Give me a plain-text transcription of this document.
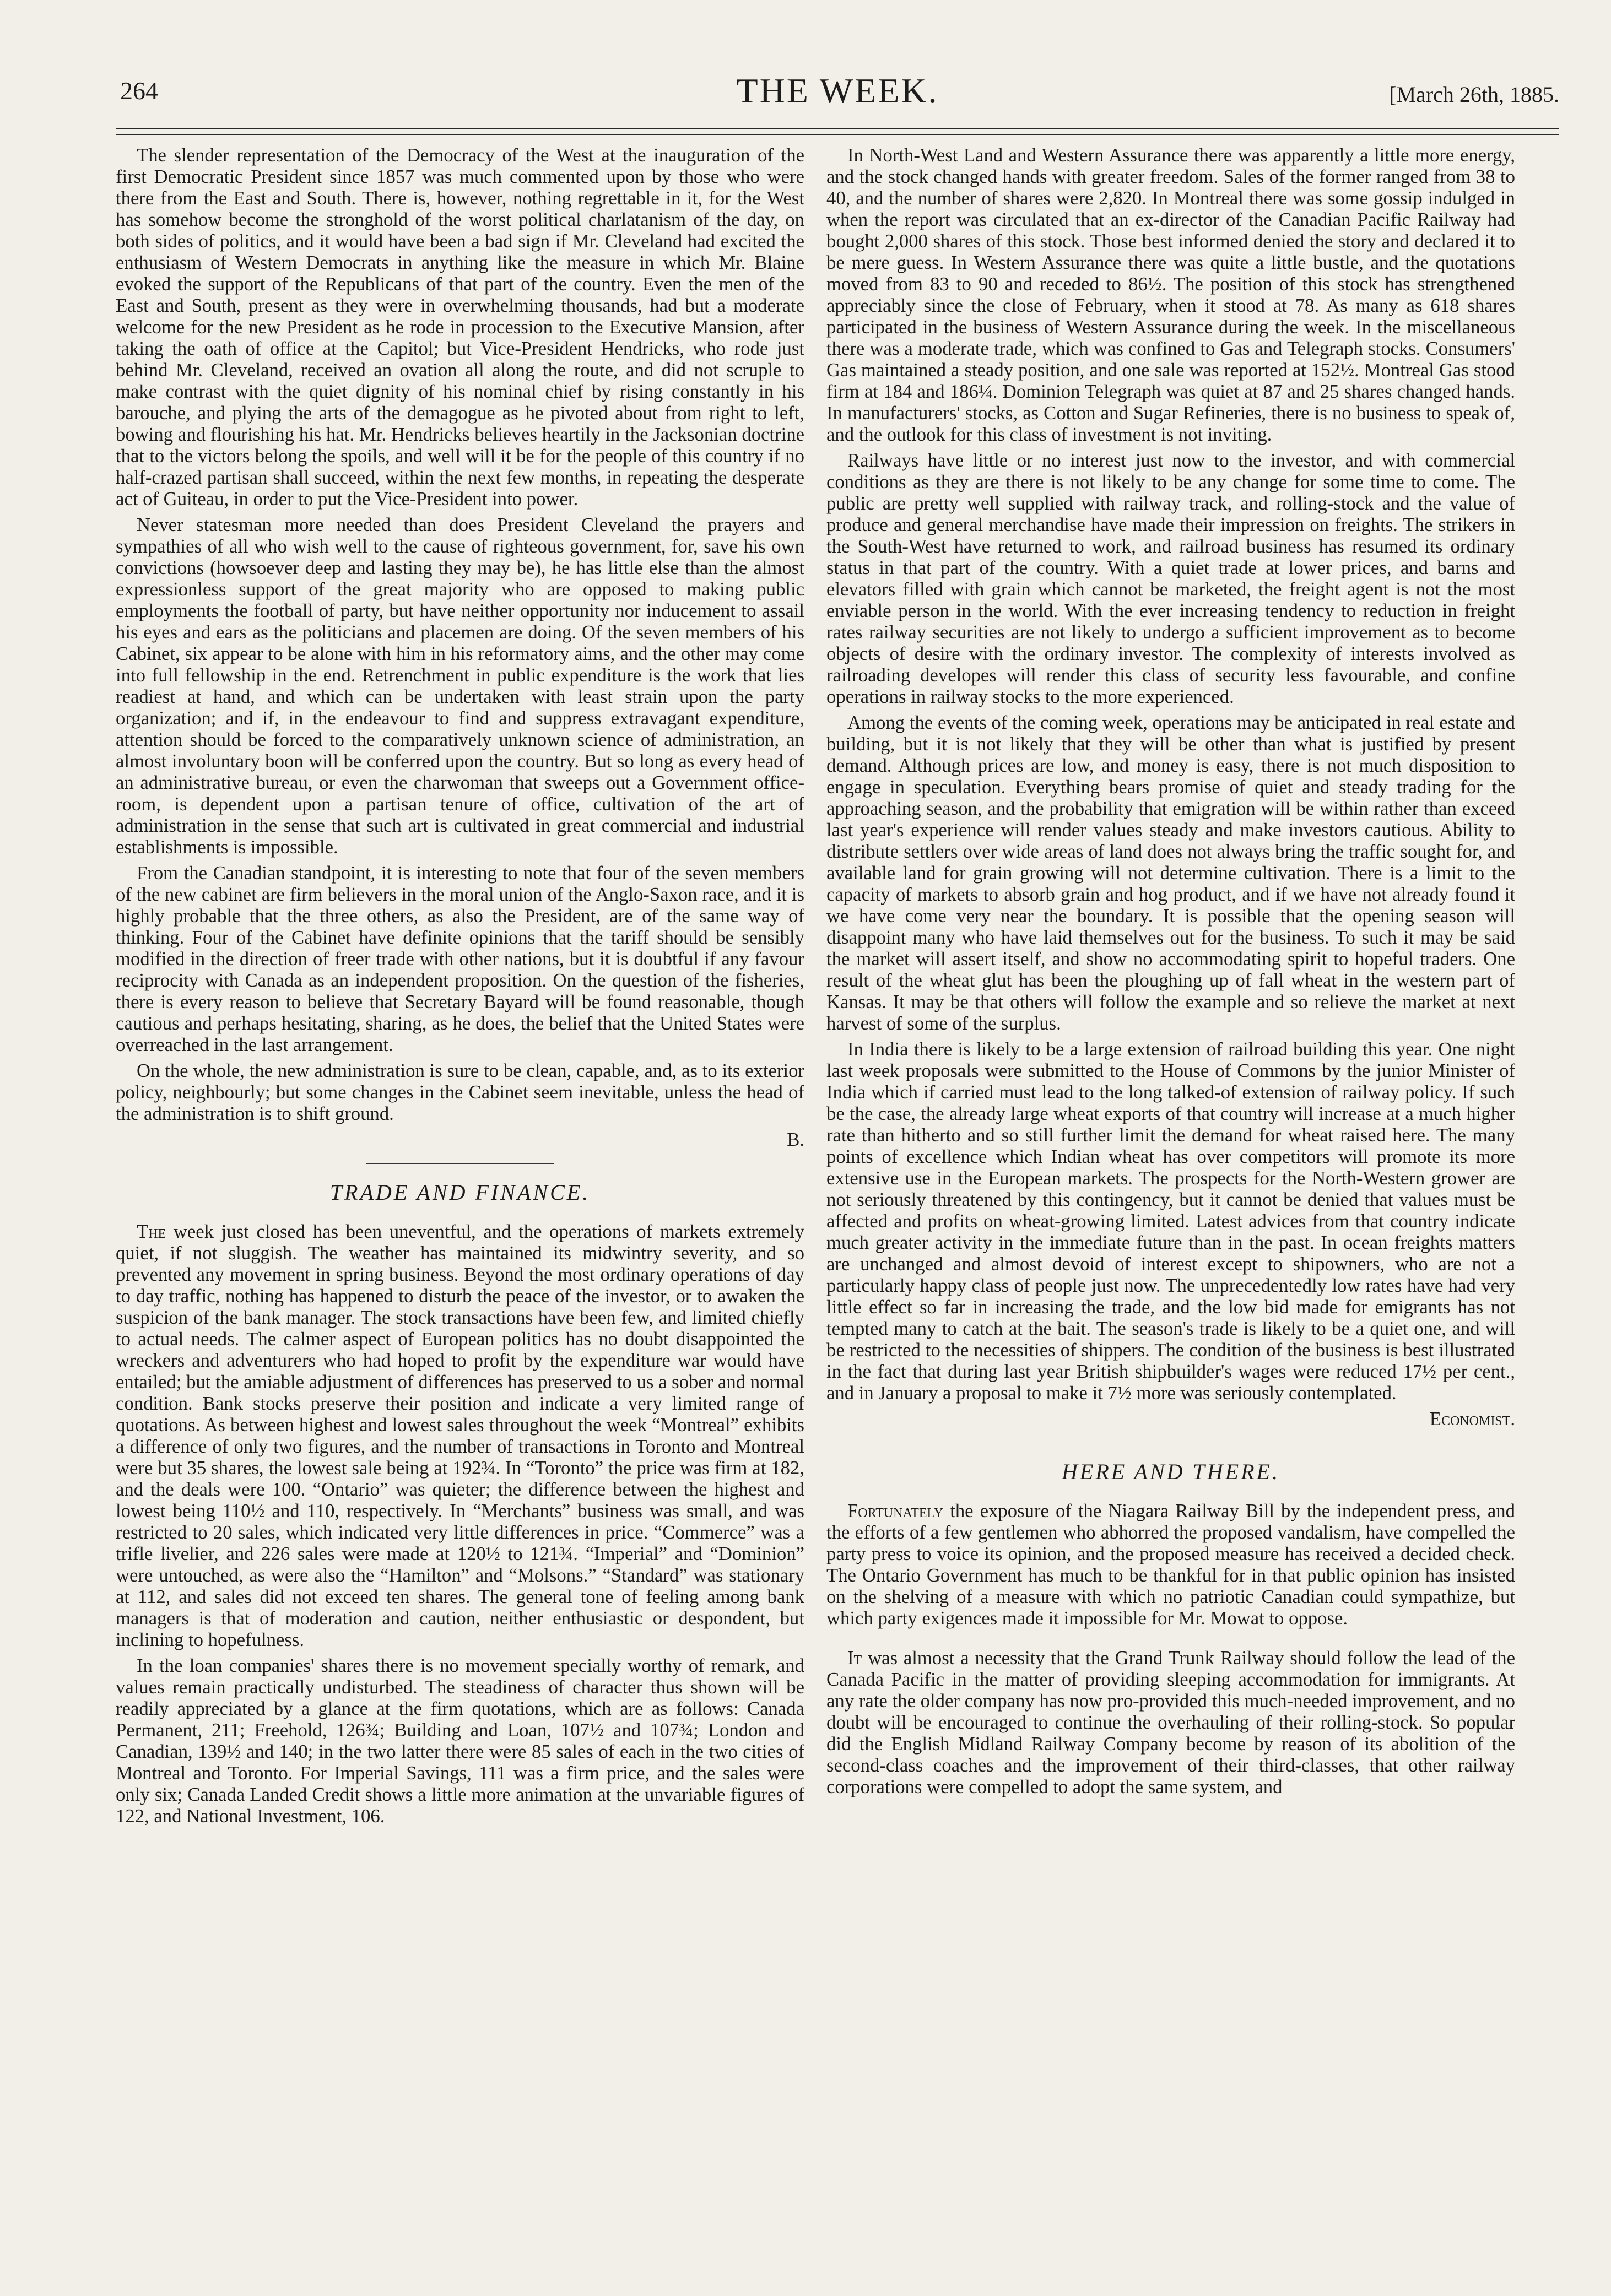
264	THE WEEK.	[March 26th, 1885.

The slender representation of the Democracy of the West at the inauguration of the first Democratic President since 1857 was much commented upon by those who were there from the East and South. There is, however, nothing regrettable in it, for the West has somehow become the stronghold of the worst political charlatanism of the day, on both sides of politics, and it would have been a bad sign if Mr. Cleveland had excited the enthusiasm of Western Democrats in anything like the measure in which Mr. Blaine evoked the support of the Republicans of that part of the country. Even the men of the East and South, present as they were in overwhelming thousands, had but a moderate welcome for the new President as he rode in procession to the Executive Mansion, after taking the oath of office at the Capitol; but Vice-President Hendricks, who rode just behind Mr. Cleveland, received an ovation all along the route, and did not scruple to make contrast with the quiet dignity of his nominal chief by rising constantly in his barouche, and plying the arts of the demagogue as he pivoted about from right to left, bowing and flourishing his hat. Mr. Hendricks believes heartily in the Jacksonian doctrine that to the victors belong the spoils, and well will it be for the people of this country if no half-crazed partisan shall succeed, within the next few months, in repeating the desperate act of Guiteau, in order to put the Vice-President into power.

Never statesman more needed than does President Cleveland the prayers and sympathies of all who wish well to the cause of righteous government, for, save his own convictions (howsoever deep and lasting they may be), he has little else than the almost expressionless support of the great majority who are opposed to making public employments the football of party, but have neither opportunity nor inducement to assail his eyes and ears as the politicians and placemen are doing. Of the seven members of his Cabinet, six appear to be alone with him in his reformatory aims, and the other may come into full fellowship in the end. Retrenchment in public expenditure is the work that lies readiest at hand, and which can be undertaken with least strain upon the party organization; and if, in the endeavour to find and suppress extravagant expenditure, attention should be forced to the comparatively unknown science of administration, an almost involuntary boon will be conferred upon the country. But so long as every head of an administrative bureau, or even the charwoman that sweeps out a Government office-room, is dependent upon a partisan tenure of office, cultivation of the art of administration in the sense that such art is cultivated in great commercial and industrial establishments is impossible.

From the Canadian standpoint, it is interesting to note that four of the seven members of the new cabinet are firm believers in the moral union of the Anglo-Saxon race, and it is highly probable that the three others, as also the President, are of the same way of thinking. Four of the Cabinet have definite opinions that the tariff should be sensibly modified in the direction of freer trade with other nations, but it is doubtful if any favour reciprocity with Canada as an independent proposition. On the question of the fisheries, there is every reason to believe that Secretary Bayard will be found reasonable, though cautious and perhaps hesitating, sharing, as he does, the belief that the United States were overreached in the last arrangement.

On the whole, the new administration is sure to be clean, capable, and, as to its exterior policy, neighbourly; but some changes in the Cabinet seem inevitable, unless the head of the administration is to shift ground.

B.

TRADE AND FINANCE.

The week just closed has been uneventful, and the operations of markets extremely quiet, if not sluggish. The weather has maintained its midwintry severity, and so prevented any movement in spring business. Beyond the most ordinary operations of day to day traffic, nothing has happened to disturb the peace of the investor, or to awaken the suspicion of the bank manager. The stock transactions have been few, and limited chiefly to actual needs. The calmer aspect of European politics has no doubt disappointed the wreckers and adventurers who had hoped to profit by the expenditure war would have entailed; but the amiable adjustment of differences has preserved to us a sober and normal condition. Bank stocks preserve their position and indicate a very limited range of quotations. As between highest and lowest sales throughout the week “Montreal” exhibits a difference of only two figures, and the number of transactions in Toronto and Montreal were but 35 shares, the lowest sale being at 192¾. In “Toronto” the price was firm at 182, and the deals were 100. “Ontario” was quieter; the difference between the highest and lowest being 110½ and 110, respectively. In “Merchants” business was small, and was restricted to 20 sales, which indicated very little differences in price. “Commerce” was a trifle livelier, and 226 sales were made at 120½ to 121¾. “Imperial” and “Dominion” were untouched, as were also the “Hamilton” and “Molsons.” “Standard” was stationary at 112, and sales did not exceed ten shares. The general tone of feeling among bank managers is that of moderation and caution, neither enthusiastic or despondent, but inclining to hopefulness.

In the loan companies' shares there is no movement specially worthy of remark, and values remain practically undisturbed. The steadiness of character thus shown will be readily appreciated by a glance at the firm quotations, which are as follows: Canada Permanent, 211; Freehold, 126¾; Building and Loan, 107½ and 107¾; London and Canadian, 139½ and 140; in the two latter there were 85 sales of each in the two cities of Montreal and Toronto. For Imperial Savings, 111 was a firm price, and the sales were only six; Canada Landed Credit shows a little more animation at the unvariable figures of 122, and National Investment, 106.

In North-West Land and Western Assurance there was apparently a little more energy, and the stock changed hands with greater freedom. Sales of the former ranged from 38 to 40, and the number of shares were 2,820. In Montreal there was some gossip indulged in when the report was circulated that an ex-director of the Canadian Pacific Railway had bought 2,000 shares of this stock. Those best informed denied the story and declared it to be mere guess. In Western Assurance there was quite a little bustle, and the quotations moved from 83 to 90 and receded to 86½. The position of this stock has strengthened appreciably since the close of February, when it stood at 78. As many as 618 shares participated in the business of Western Assurance during the week. In the miscellaneous there was a moderate trade, which was confined to Gas and Telegraph stocks. Consumers' Gas maintained a steady position, and one sale was reported at 152½. Montreal Gas stood firm at 184 and 186¼. Dominion Telegraph was quiet at 87 and 25 shares changed hands. In manufacturers' stocks, as Cotton and Sugar Refineries, there is no business to speak of, and the outlook for this class of investment is not inviting.

Railways have little or no interest just now to the investor, and with commercial conditions as they are there is not likely to be any change for some time to come. The public are pretty well supplied with railway track, and rolling-stock and the value of produce and general merchandise have made their impression on freights. The strikers in the South-West have returned to work, and railroad business has resumed its ordinary status in that part of the country. With a quiet trade at lower prices, and barns and elevators filled with grain which cannot be marketed, the freight agent is not the most enviable person in the world. With the ever increasing tendency to reduction in freight rates railway securities are not likely to undergo a sufficient improvement as to become objects of desire with the ordinary investor. The complexity of interests involved as railroading developes will render this class of security less favourable, and confine operations in railway stocks to the more experienced.

Among the events of the coming week, operations may be anticipated in real estate and building, but it is not likely that they will be other than what is justified by present demand. Although prices are low, and money is easy, there is not much disposition to engage in speculation. Everything bears promise of quiet and steady trading for the approaching season, and the probability that emigration will be within rather than exceed last year's experience will render values steady and make investors cautious. Ability to distribute settlers over wide areas of land does not always bring the traffic sought for, and available land for grain growing will not determine cultivation. There is a limit to the capacity of markets to absorb grain and hog product, and if we have not already found it we have come very near the boundary. It is possible that the opening season will disappoint many who have laid themselves out for the business. To such it may be said the market will assert itself, and show no accommodating spirit to hopeful traders. One result of the wheat glut has been the ploughing up of fall wheat in the western part of Kansas. It may be that others will follow the example and so relieve the market at next harvest of some of the surplus.

In India there is likely to be a large extension of railroad building this year. One night last week proposals were submitted to the House of Commons by the junior Minister of India which if carried must lead to the long talked-of extension of railway policy. If such be the case, the already large wheat exports of that country will increase at a much higher rate than hitherto and so still further limit the demand for wheat raised here. The many points of excellence which Indian wheat has over competitors will promote its more extensive use in the European markets. The prospects for the North-Western grower are not seriously threatened by this contingency, but it cannot be denied that values must be affected and profits on wheat-growing limited. Latest advices from that country indicate much greater activity in the immediate future than in the past. In ocean freights matters are unchanged and almost devoid of interest except to shipowners, who are not a particularly happy class of people just now. The unprecedentedly low rates have had very little effect so far in increasing the trade, and the low bid made for emigrants has not tempted many to catch at the bait. The season's trade is likely to be a quiet one, and will be restricted to the necessities of shippers. The condition of the business is best illustrated in the fact that during last year British shipbuilder's wages were reduced 17½ per cent., and in January a proposal to make it 7½ more was seriously contemplated.

Economist.

HERE AND THERE.

Fortunately the exposure of the Niagara Railway Bill by the independent press, and the efforts of a few gentlemen who abhorred the proposed vandalism, have compelled the party press to voice its opinion, and the proposed measure has received a decided check. The Ontario Government has much to be thankful for in that public opinion has insisted on the shelving of a measure with which no patriotic Canadian could sympathize, but which party exigences made it impossible for Mr. Mowat to oppose.

It was almost a necessity that the Grand Trunk Railway should follow the lead of the Canada Pacific in the matter of providing sleeping accommodation for immigrants. At any rate the older company has now pro-provided this much-needed improvement, and no doubt will be encouraged to continue the overhauling of their rolling-stock. So popular did the English Midland Railway Company become by reason of its abolition of the second-class coaches and the improvement of their third-classes, that other railway corporations were compelled to adopt the same system, and
